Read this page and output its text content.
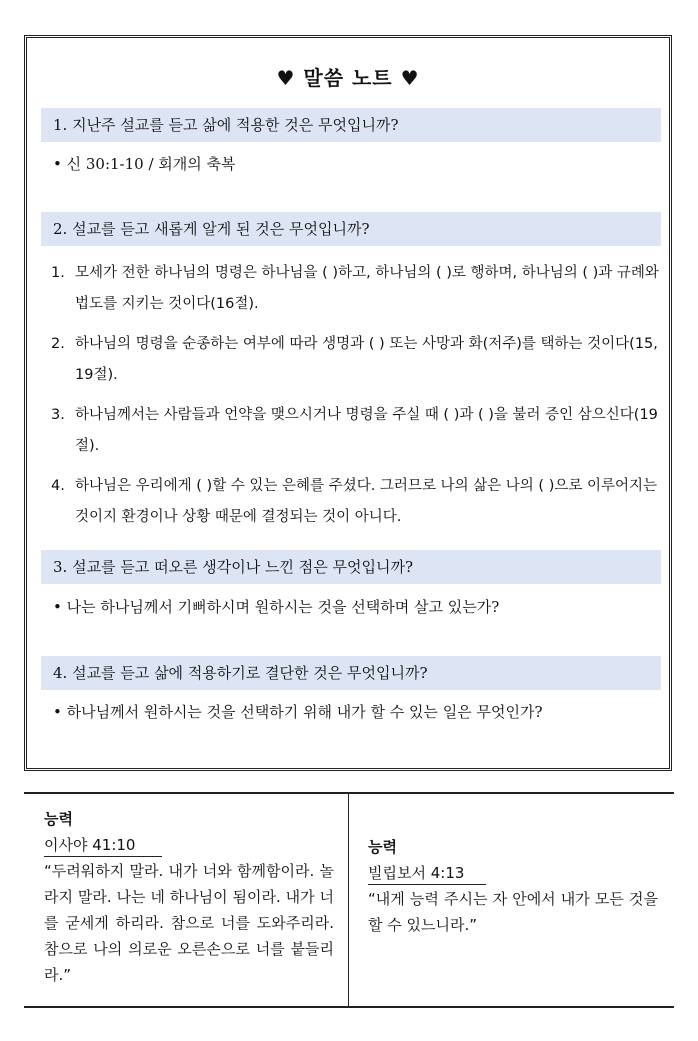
♥ 말씀 노트 ♥
1. 지난주 설교를 듣고 삶에 적용한 것은 무엇입니까?
• 신 30:1-10 / 회개의 축복
2. 설교를 듣고 새롭게 알게 된 것은 무엇입니까?
1. 모세가 전한 하나님의 명령은 하나님을 ( )하고, 하나님의 ( )로 행하며, 하나님의 ( )과 규례와 법도를 지키는 것이다(16절).
2. 하나님의 명령을 순종하는 여부에 따라 생명과 ( ) 또는 사망과 화(저주)를 택하는 것이다(15, 19절).
3. 하나님께서는 사람들과 언약을 맺으시거나 명령을 주실 때 ( )과 ( )을 불러 증인 삼으신다(19절).
4. 하나님은 우리에게 ( )할 수 있는 은혜를 주셨다. 그러므로 나의 삶은 나의 ( )으로 이루어지는 것이지 환경이나 상황 때문에 결정되는 것이 아니다.
3. 설교를 듣고 떠오른 생각이나 느낀 점은 무엇입니까?
• 나는 하나님께서 기뻐하시며 원하시는 것을 선택하며 살고 있는가?
4. 설교를 듣고 삶에 적용하기로 결단한 것은 무엇입니까?
• 하나님께서 원하시는 것을 선택하기 위해 내가 할 수 있는 일은 무엇인가?
능력
이사야 41:10
“두려워하지 말라. 내가 너와 함께함이라. 놀라지 말라. 나는 네 하나님이 됨이라. 내가 너를 굳세게 하리라. 참으로 너를 도와주리라. 참으로 나의 의로운 오른손으로 너를 붙들리라.”
능력
빌립보서 4:13
“내게 능력 주시는 자 안에서 내가 모든 것을 할 수 있느니라.”
